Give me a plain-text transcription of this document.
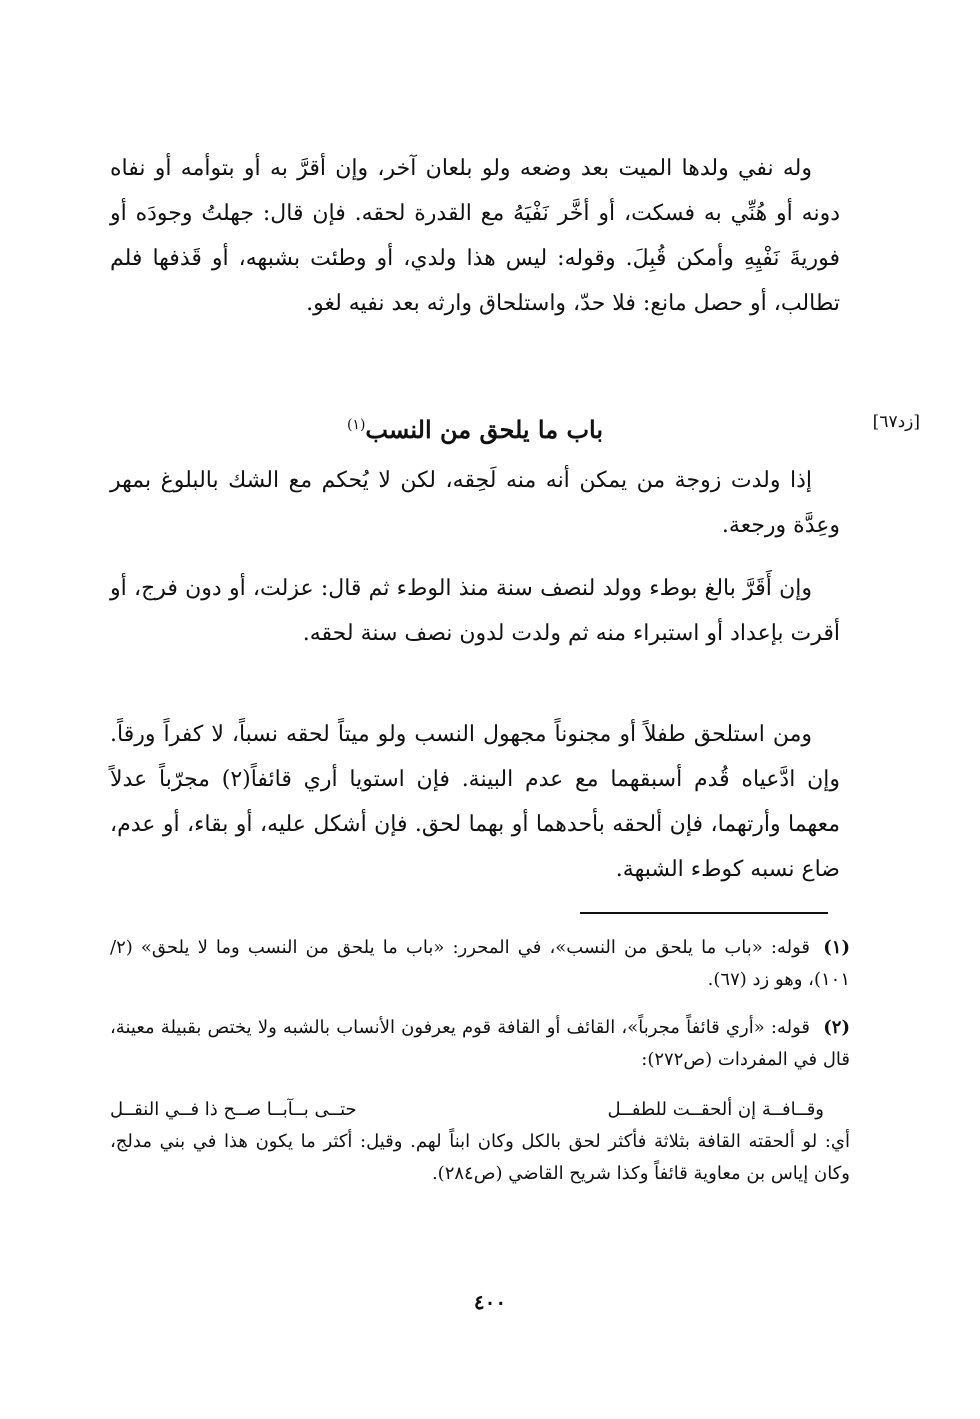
وله نفي ولدها الميت بعد وضعه ولو بلعان آخر، وإن أقرَّ به أو بتوأمه أو نفاه دونه أو هُنِّي به فسكت، أو أخَّر نَفْيَهُ مع القدرة لحقه. فإن قال: جهلتُ وجودَه أو فوريةَ نَفْيِهِ وأمكن قُبِلَ. وقوله: ليس هذا ولدي، أو وطئت بشبهه، أو قَذفها فلم تطالب، أو حصل مانع: فلا حدّ، واستلحاق وارثه بعد نفيه لغو.
[زد٦٧]
باب ما يلحق من النسب$^{(١)}$
إذا ولدت زوجة من يمكن أنه منه لَحِقه، لكن لا يُحكم مع الشك بالبلوغ بمهر وعِدَّة ورجعة.
وإن أَقَرَّ بالغ بوطء وولد لنصف سنة منذ الوطء ثم قال: عزلت، أو دون فرج، أو أقرت بإعداد أو استبراء منه ثم ولدت لدون نصف سنة لحقه.
ومن استلحق طفلاً أو مجنوناً مجهول النسب ولو ميتاً لحقه نسباً، لا كفراً ورقاً. وإن ادَّعياه قُدم أسبقهما مع عدم البينة. فإن استويا أري قائفاً(٢) مجرّباً عدلاً معهما وأرتهما، فإن ألحقه بأحدهما أو بهما لحق. فإن أشكل عليه، أو بقاء، أو عدم، ضاع نسبه كوطء الشبهة.
(١)قوله: «باب ما يلحق من النسب»، في المحرر: «باب ما يلحق من النسب وما لا يلحق» (٢/ ١٠١)، وهو زد (٦٧).
(٢)قوله: «أري قائفاً مجرباً»، القائف أو القافة قوم يعرفون الأنساب بالشبه ولا يختص بقبيلة معينة، قال في المفردات (ص٢٧٢):
وقــافــة إن ألحقــت للطفــل
حتــى بــآبــا صــح ذا فــي النقــل
أي: لو ألحقته القافة بثلاثة فأكثر لحق بالكل وكان ابناً لهم. وقيل: أكثر ما يكون هذا في بني مدلج، وكان إياس بن معاوية قائفاً وكذا شريح القاضي (ص٢٨٤).
٤٠٠
